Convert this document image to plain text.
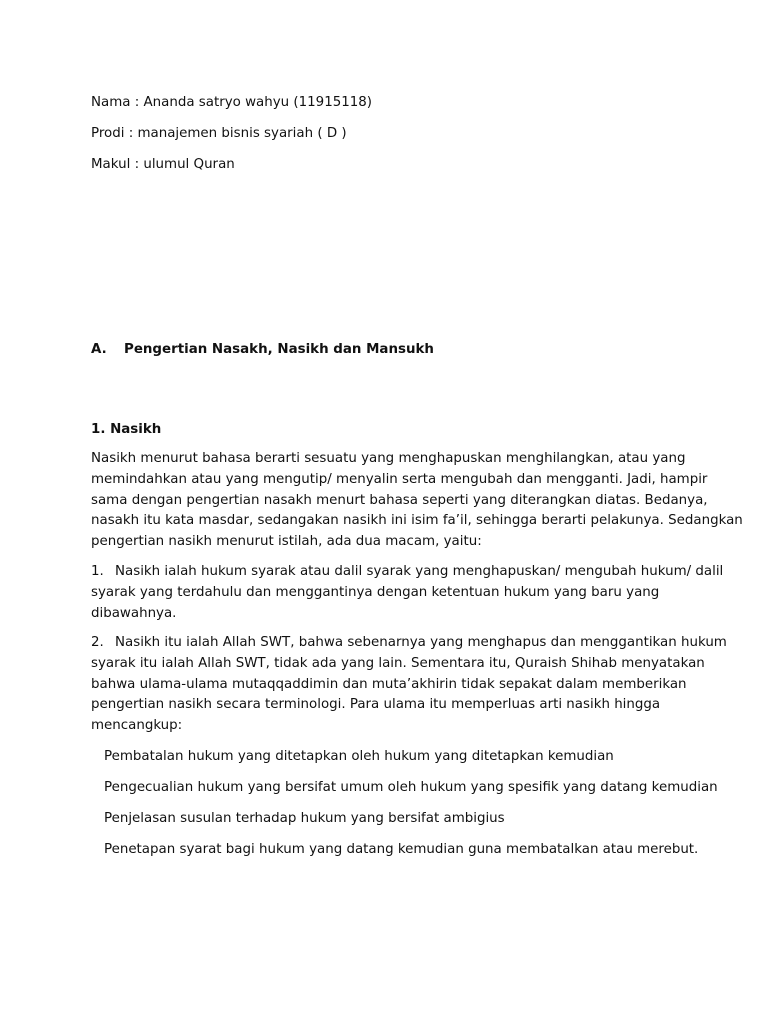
Nama : Ananda satryo wahyu (11915118)
Prodi : manajemen bisnis syariah ( D )
Makul : ulumul Quran
A. Pengertian Nasakh, Nasikh dan Mansukh
1. Nasikh
Nasikh menurut bahasa berarti sesuatu yang menghapuskan menghilangkan, atau yang
memindahkan atau yang mengutip/ menyalin serta mengubah dan mengganti. Jadi, hampir
sama dengan pengertian nasakh menurt bahasa seperti yang diterangkan diatas. Bedanya,
nasakh itu kata masdar, sedangakan nasikh ini isim fa’il, sehingga berarti pelakunya. Sedangkan
pengertian nasikh menurut istilah, ada dua macam, yaitu:
1. Nasikh ialah hukum syarak atau dalil syarak yang menghapuskan/ mengubah hukum/ dalil
syarak yang terdahulu dan menggantinya dengan ketentuan hukum yang baru yang
dibawahnya.
2. Nasikh itu ialah Allah SWT, bahwa sebenarnya yang menghapus dan menggantikan hukum
syarak itu ialah Allah SWT, tidak ada yang lain. Sementara itu, Quraish Shihab menyatakan
bahwa ulama-ulama mutaqqaddimin dan muta’akhirin tidak sepakat dalam memberikan
pengertian nasikh secara terminologi. Para ulama itu memperluas arti nasikh hingga
mencangkup:
Pembatalan hukum yang ditetapkan oleh hukum yang ditetapkan kemudian
Pengecualian hukum yang bersifat umum oleh hukum yang spesifik yang datang kemudian
Penjelasan susulan terhadap hukum yang bersifat ambigius
Penetapan syarat bagi hukum yang datang kemudian guna membatalkan atau merebut.
